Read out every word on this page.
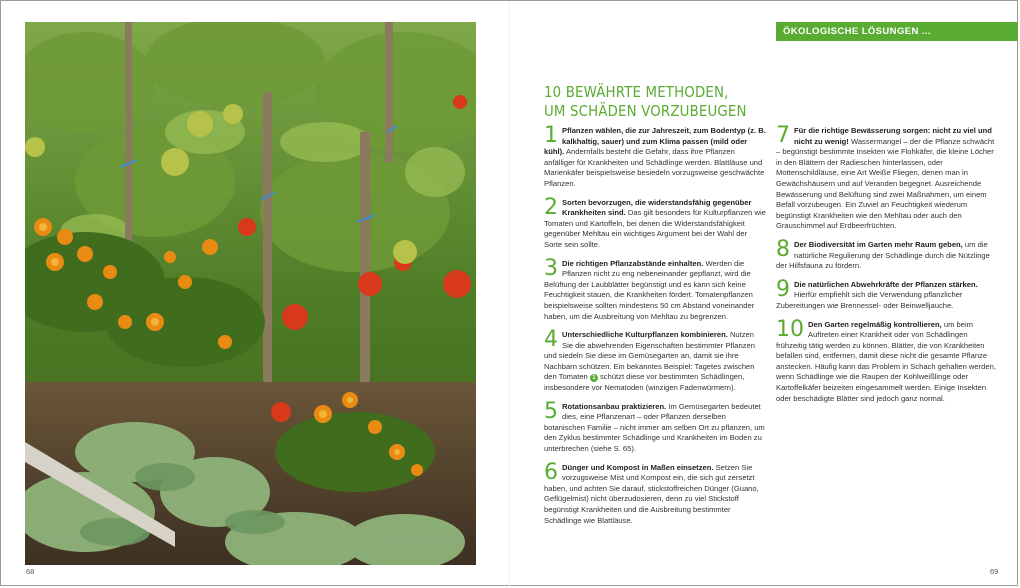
ÖKOLOGISCHE LÖSUNGEN ...
10 BEWÄHRTE METHODEN,
UM SCHÄDEN VORZUBEUGEN
1 Pflanzen wählen, die zur Jahreszeit, zum Bodentyp (z. B. kalkhaltig, sauer) und zum Klima passen (mild oder kühl). Andernfalls besteht die Gefahr, dass ihre Pflanzen anfälliger für Krankheiten und Schädlinge werden. Blattläuse und Marienkäfer beispielsweise besiedeln vorzugsweise geschwächte Pflanzen.
2 Sorten bevorzugen, die widerstandsfähig gegenüber Krankheiten sind. Das gilt besonders für Kulturpflanzen wie Tomaten und Kartoffeln, bei denen die Widerstandsfähigkeit gegenüber Mehltau ein wichtiges Argument bei der Wahl der Sorte sein sollte.
3 Die richtigen Pflanzabstände einhalten. Werden die Pflanzen nicht zu eng nebeneinander gepflanzt, wird die Belüftung der Laubblätter begünstigt und es kann sich keine Feuchtigkeit stauen, die Krankheiten fördert. Tomatenpflanzen beispielsweise sollten mindestens 50 cm Abstand voneinander haben, um die Ausbreitung von Mehltau zu begrenzen.
4 Unterschiedliche Kulturpflanzen kombinieren. Nutzen Sie die abwehrenden Eigenschaften bestimmter Pflanzen und siedeln Sie diese im Gemüsegarten an, damit sie ihre Nachbarn schützen. Ein bekanntes Beispiel: Tagetes zwischen den Tomaten 1 schützt diese vor bestimmten Schädlingen, insbesondere vor Nematoden (winzigen Fadenwürmern).
5 Rotationsanbau praktizieren. Im Gemüsegarten bedeutet dies, eine Pflanzenart – oder Pflanzen derselben botanischen Familie – nicht immer am selben Ort zu pflanzen, um den Zyklus bestimmter Schädlinge und Krankheiten im Boden zu unterbrechen (siehe S. 65).
6 Dünger und Kompost in Maßen einsetzen. Setzen Sie vorzugsweise Mist und Kompost ein, die sich gut zersetzt haben, und achten Sie darauf, stickstoffreichen Dünger (Guano, Geflügelmist) nicht überzudosieren, denn zu viel Stickstoff begünstigt Krankheiten und die Ausbreitung bestimmter Schädlinge wie Blattläuse.
7 Für die richtige Bewässerung sorgen: nicht zu viel und nicht zu wenig! Wassermangel – der die Pflanze schwächt – begünstigt bestimmte Insekten wie Flohkäfer, die kleine Löcher in den Blättern der Radieschen hinterlassen, oder Mottenschildläuse, eine Art Weiße Fliegen, denen man in Gewächshäusern und auf Veranden begegnet. Ausreichende Bewässerung und Belüftung sind zwei Maßnahmen, um einem Befall vorzubeugen. Ein Zuviel an Feuchtigkeit wiederum begünstigt Krankheiten wie den Mehltau oder auch den Grauschimmel auf Erdbeerfrüchten.
8 Der Biodiversität im Garten mehr Raum geben, um die natürliche Regulierung der Schädlinge durch die Nützlinge der Hilfsfauna zu fördern.
9 Die natürlichen Abwehrkräfte der Pflanzen stärken. Hierfür empfiehlt sich die Verwendung pflanzlicher Zubereitungen wie Brennessel- oder Beinwelljauche.
10 Den Garten regelmäßig kontrollieren, um beim Auftreten einer Krankheit oder von Schädlingen frühzeitig tätig werden zu können. Blätter, die von Krankheiten befallen sind, entfernen, damit diese nicht die gesamte Pflanze anstecken. Häufig kann das Problem in Schach gehalten werden, wenn Schädlinge wie die Raupen der Kohlweißlinge oder Kartoffelkäfer beizeiten eingesammelt werden. Einige Insekten oder beschädigte Blätter sind jedoch ganz normal.
68	69
